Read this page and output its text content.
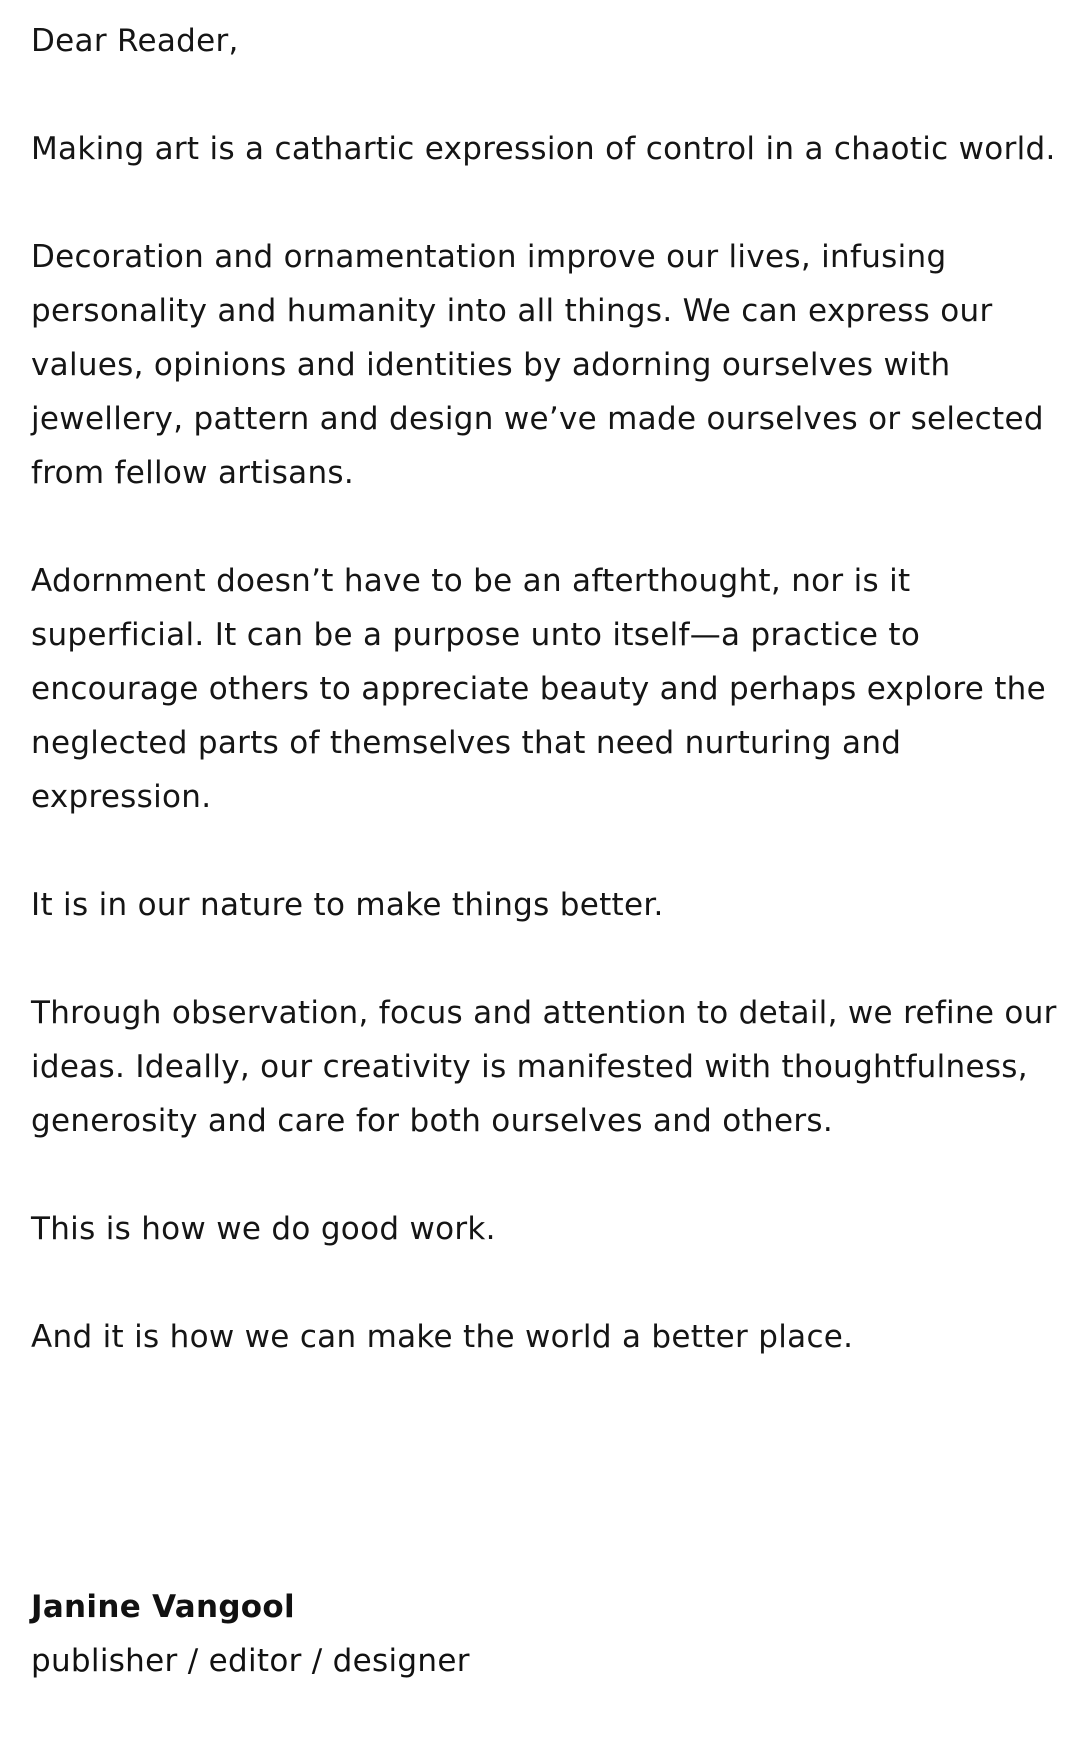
Dear Reader,

Making art is a cathartic expression of control in a chaotic world.

Decoration and ornamentation improve our lives, infusing personality and humanity into all things. We can express our values, opinions and identities by adorning ourselves with jewellery, pattern and design we’ve made ourselves or selected from fellow artisans.

Adornment doesn’t have to be an afterthought, nor is it superficial. It can be a purpose unto itself—a practice to encourage others to appreciate beauty and perhaps explore the neglected parts of themselves that need nurturing and expression.

It is in our nature to make things better.

Through observation, focus and attention to detail, we refine our ideas. Ideally, our creativity is manifested with thoughtfulness, generosity and care for both ourselves and others.

This is how we do good work.

And it is how we can make the world a better place.

Janine Vangool
publisher / editor / designer
